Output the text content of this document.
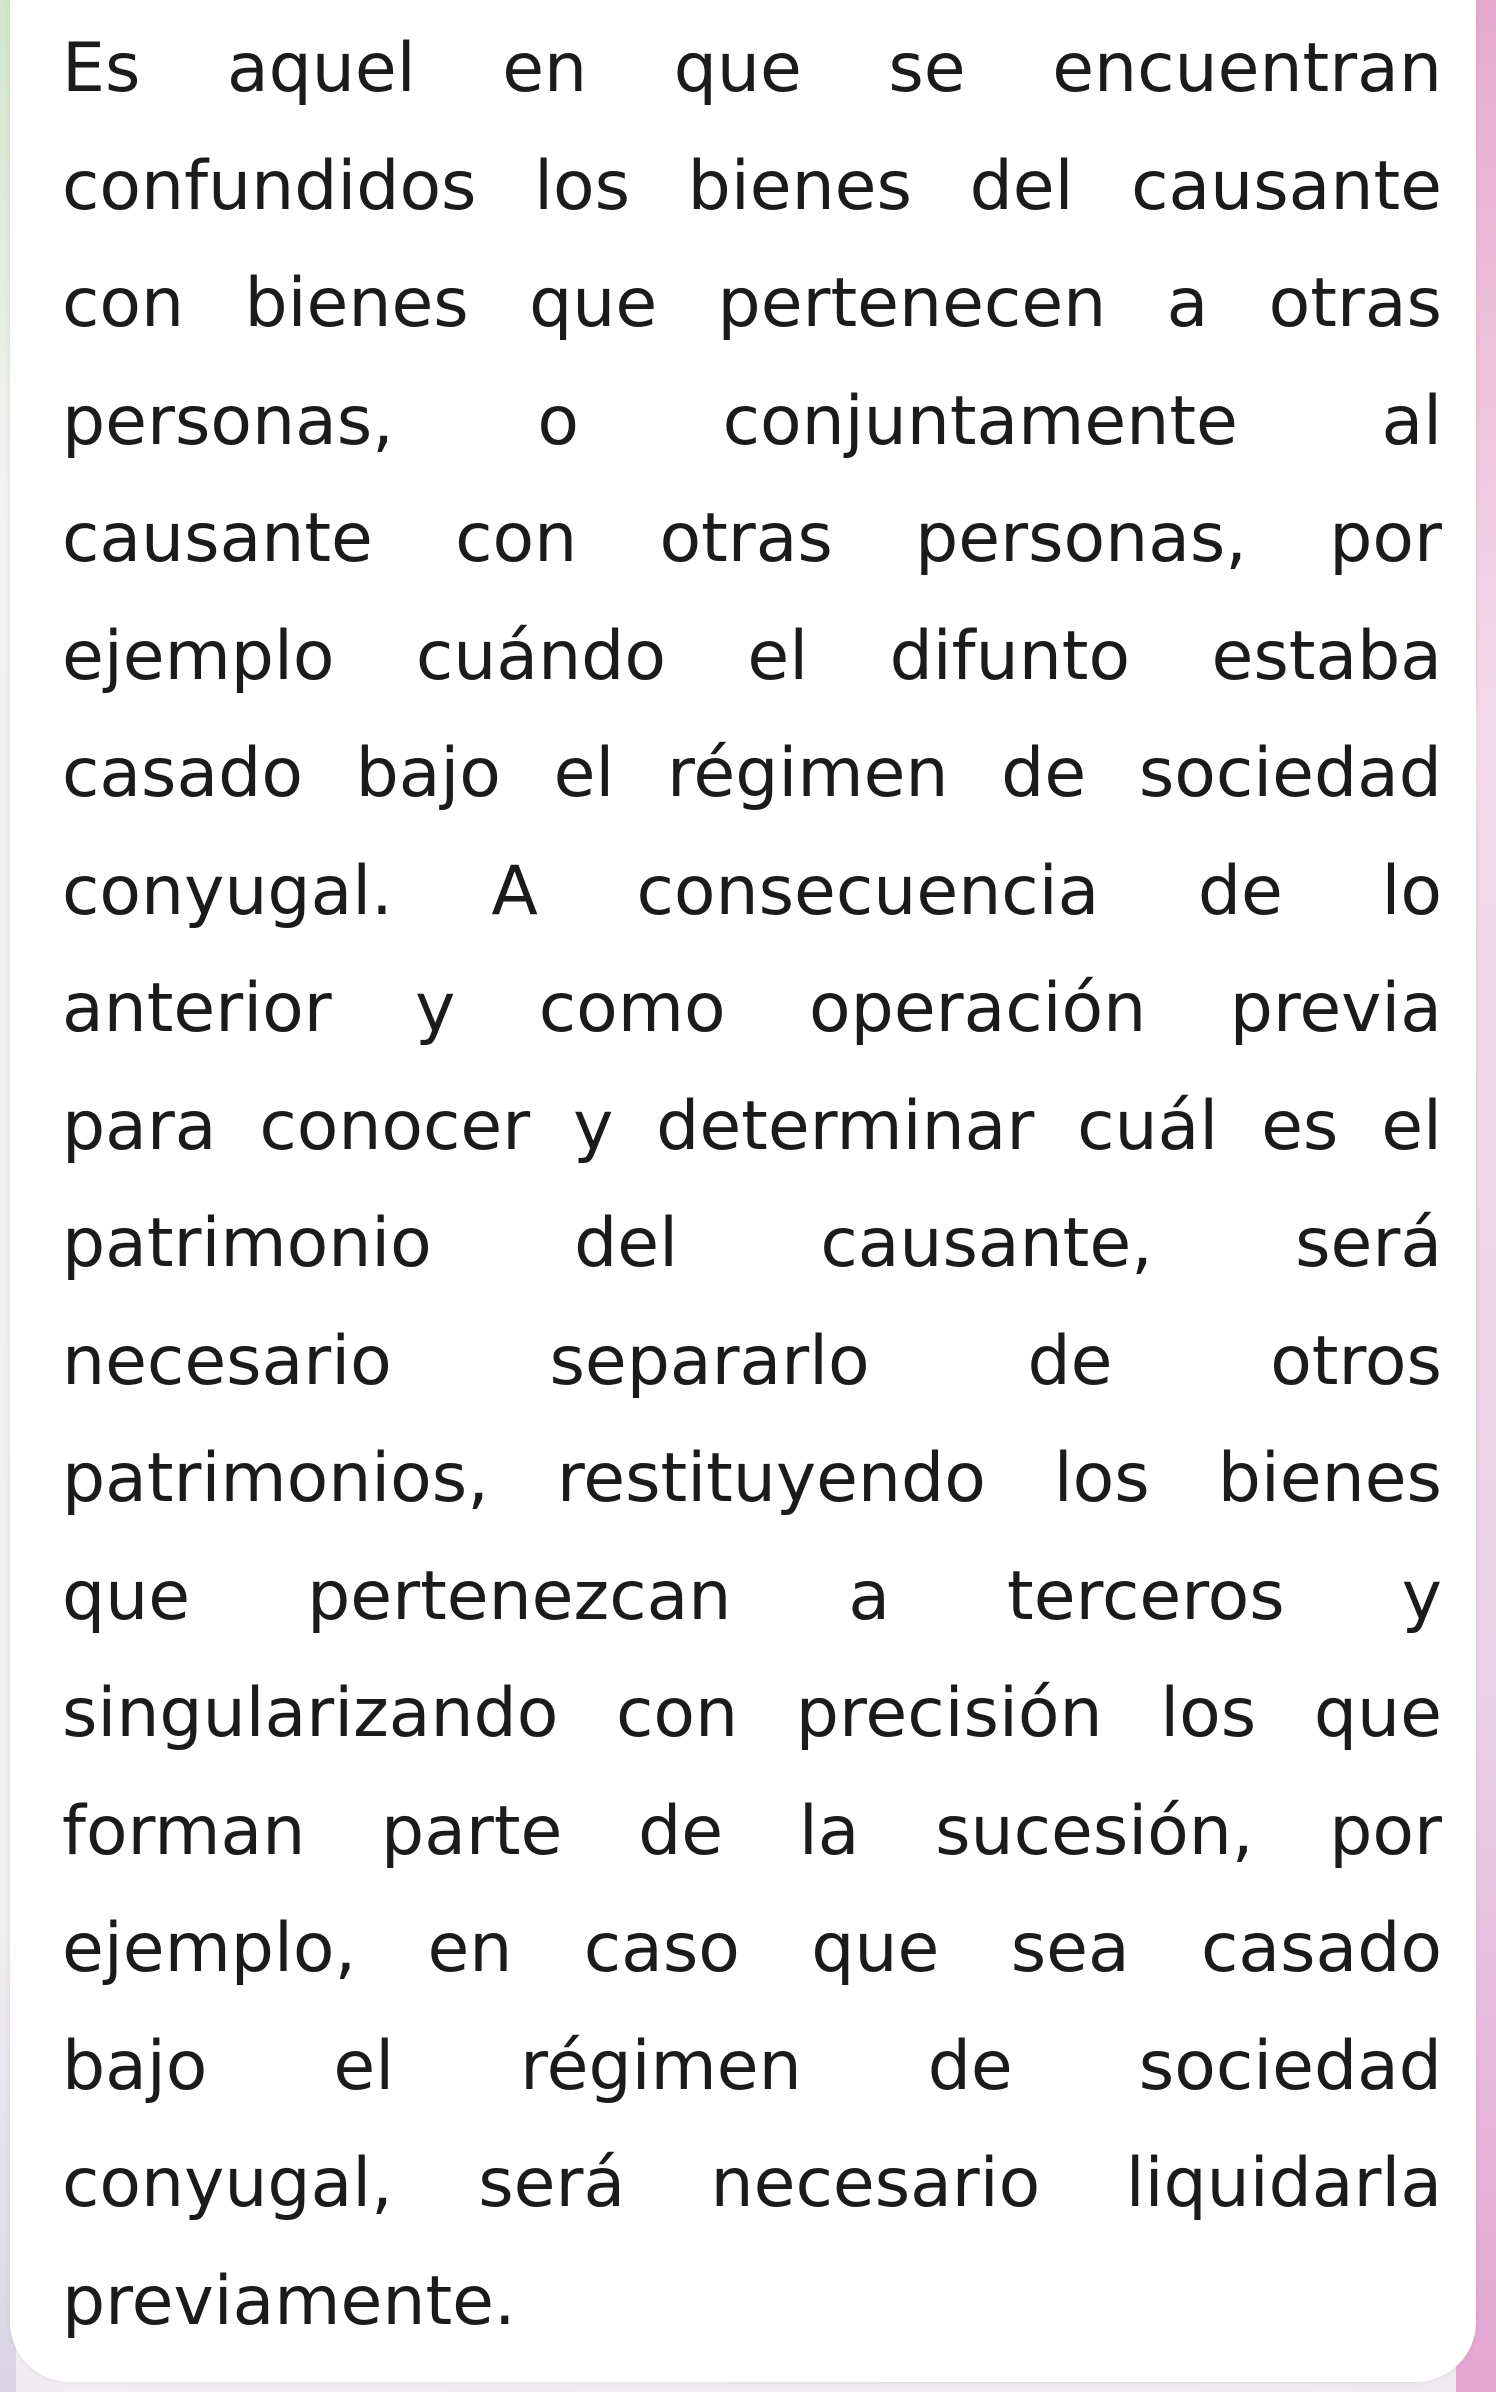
Es aquel en que se encuentran
confundidos los bienes del causante
con bienes que pertenecen a otras
personas, o conjuntamente al
causante con otras personas, por
ejemplo cuándo el difunto estaba
casado bajo el régimen de sociedad
conyugal. A consecuencia de lo
anterior y como operación previa
para conocer y determinar cuál es el
patrimonio del causante, será
necesario separarlo de otros
patrimonios, restituyendo los bienes
que pertenezcan a terceros y
singularizando con precisión los que
forman parte de la sucesión, por
ejemplo, en caso que sea casado
bajo el régimen de sociedad
conyugal, será necesario liquidarla
previamente.
